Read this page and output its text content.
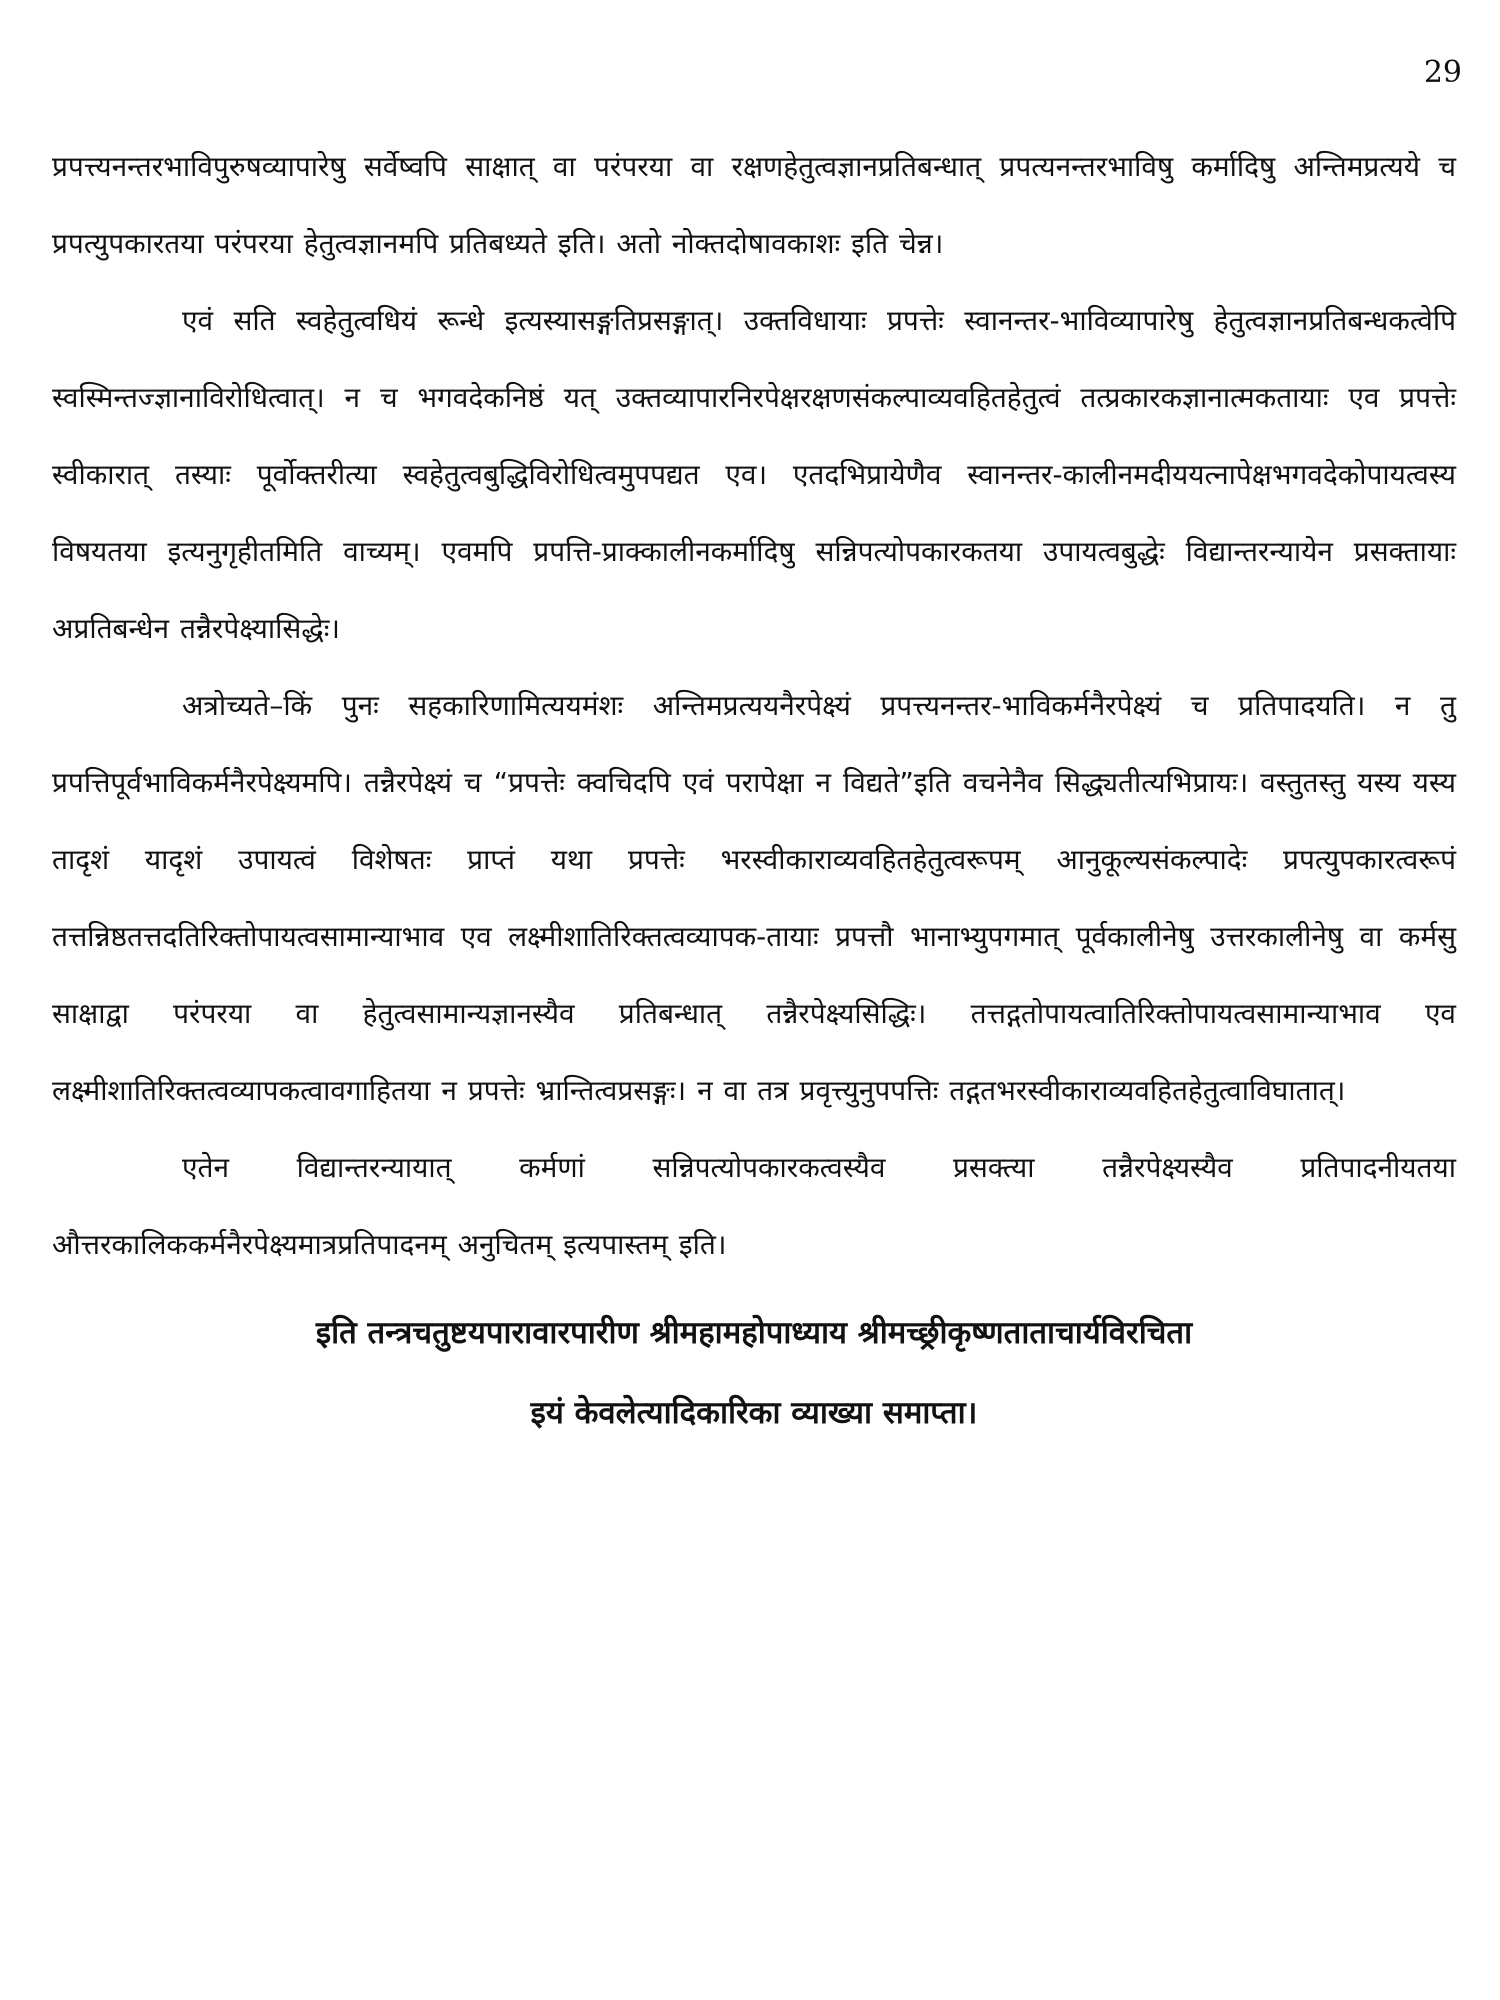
29

प्रपत्त्यनन्तरभाविपुरुषव्यापारेषु सर्वेष्वपि साक्षात् वा परंपरया वा रक्षणहेतुत्वज्ञानप्रतिबन्धात् प्रपत्यनन्तरभाविषु कर्मादिषु अन्तिमप्रत्यये च प्रपत्युपकारतया परंपरया हेतुत्वज्ञानमपि प्रतिबध्यते इति। अतो नोक्तदोषावकाशः इति चेन्न।

एवं सति स्वहेतुत्वधियं रून्धे इत्यस्यासङ्गतिप्रसङ्गात्। उक्तविधायाः प्रपत्तेः स्वानन्तर-भाविव्यापारेषु हेतुत्वज्ञानप्रतिबन्धकत्वेपि स्वस्मिन्तज्ज्ञानाविरोधित्वात्। न च भगवदेकनिष्ठं यत् उक्तव्यापारनिरपेक्षरक्षणसंकल्पाव्यवहितहेतुत्वं तत्प्रकारकज्ञानात्मकतायाः एव प्रपत्तेः स्वीकारात् तस्याः पूर्वोक्तरीत्या स्वहेतुत्वबुद्धिविरोधित्वमुपपद्यत एव। एतदभिप्रायेणैव स्वानन्तर-कालीनमदीययत्नापेक्षभगवदेकोपायत्वस्य विषयतया इत्यनुगृहीतमिति वाच्यम्। एवमपि प्रपत्ति-प्राक्कालीनकर्मादिषु सन्निपत्योपकारकतया उपायत्वबुद्धेः विद्यान्तरन्यायेन प्रसक्तायाः अप्रतिबन्धेन तन्नैरपेक्ष्यासिद्धेः।

अत्रोच्यते–किं पुनः सहकारिणामित्ययमंशः अन्तिमप्रत्ययनैरपेक्ष्यं प्रपत्त्यनन्तर-भाविकर्मनैरपेक्ष्यं च प्रतिपादयति। न तु प्रपत्तिपूर्वभाविकर्मनैरपेक्ष्यमपि। तन्नैरपेक्ष्यं च “प्रपत्तेः क्वचिदपि एवं परापेक्षा न विद्यते”इति वचनेनैव सिद्ध्यतीत्यभिप्रायः। वस्तुतस्तु यस्य यस्य तादृशं यादृशं उपायत्वं विशेषतः प्राप्तं यथा प्रपत्तेः भरस्वीकाराव्यवहितहेतुत्वरूपम् आनुकूल्यसंकल्पादेः प्रपत्युपकारत्वरूपं तत्तन्निष्ठतत्तदतिरिक्तोपायत्वसामान्याभाव एव लक्ष्मीशातिरिक्तत्वव्यापक-तायाः प्रपत्तौ भानाभ्युपगमात् पूर्वकालीनेषु उत्तरकालीनेषु वा कर्मसु साक्षाद्वा परंपरया वा हेतुत्वसामान्यज्ञानस्यैव प्रतिबन्धात् तन्नैरपेक्ष्यसिद्धिः। तत्तद्गतोपायत्वातिरिक्तोपायत्वसामान्याभाव एव लक्ष्मीशातिरिक्तत्वव्यापकत्वावगाहितया न प्रपत्तेः भ्रान्तित्वप्रसङ्गः। न वा तत्र प्रवृत्त्युनुपपत्तिः तद्गतभरस्वीकाराव्यवहितहेतुत्वाविघातात्।

एतेन विद्यान्तरन्यायात् कर्मणां सन्निपत्योपकारकत्वस्यैव प्रसक्त्या तन्नैरपेक्ष्यस्यैव प्रतिपादनीयतया औत्तरकालिककर्मनैरपेक्ष्यमात्रप्रतिपादनम् अनुचितम् इत्यपास्तम् इति।

इति तन्त्रचतुष्टयपारावारपारीण श्रीमहामहोपाध्याय श्रीमच्छ्रीकृष्णताताचार्यविरचिता
इयं केवलेत्यादिकारिका व्याख्या समाप्ता।
